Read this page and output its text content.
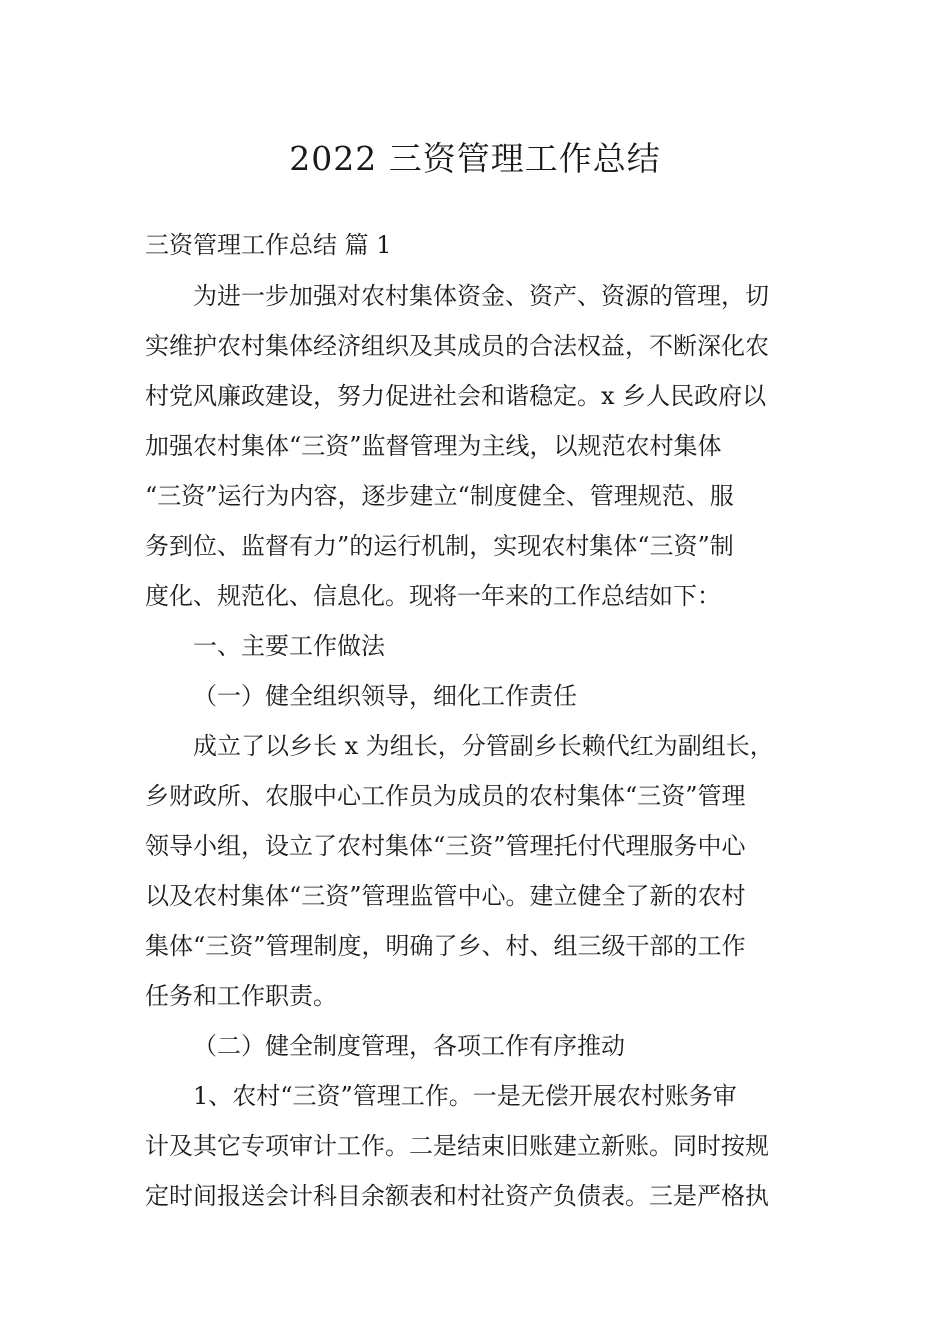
2022 三资管理工作总结

三资管理工作总结 篇 1

为进一步加强对农村集体资金、资产、资源的管理，切

实维护农村集体经济组织及其成员的合法权益，不断深化农

村党风廉政建设，努力促进社会和谐稳定。x 乡人民政府以

加强农村集体“三资”监督管理为主线，以规范农村集体

“三资”运行为内容，逐步建立“制度健全、管理规范、服

务到位、监督有力”的运行机制，实现农村集体“三资”制

度化、规范化、信息化。现将一年来的工作总结如下：

一、主要工作做法

（一）健全组织领导，细化工作责任

成立了以乡长 x 为组长，分管副乡长赖代红为副组长，

乡财政所、农服中心工作员为成员的农村集体“三资”管理

领导小组，设立了农村集体“三资”管理托付代理服务中心

以及农村集体“三资”管理监管中心。建立健全了新的农村

集体“三资”管理制度，明确了乡、村、组三级干部的工作

任务和工作职责。

（二）健全制度管理，各项工作有序推动

1、农村“三资”管理工作。一是无偿开展农村账务审

计及其它专项审计工作。二是结束旧账建立新账。同时按规

定时间报送会计科目余额表和村社资产负债表。三是严格执
